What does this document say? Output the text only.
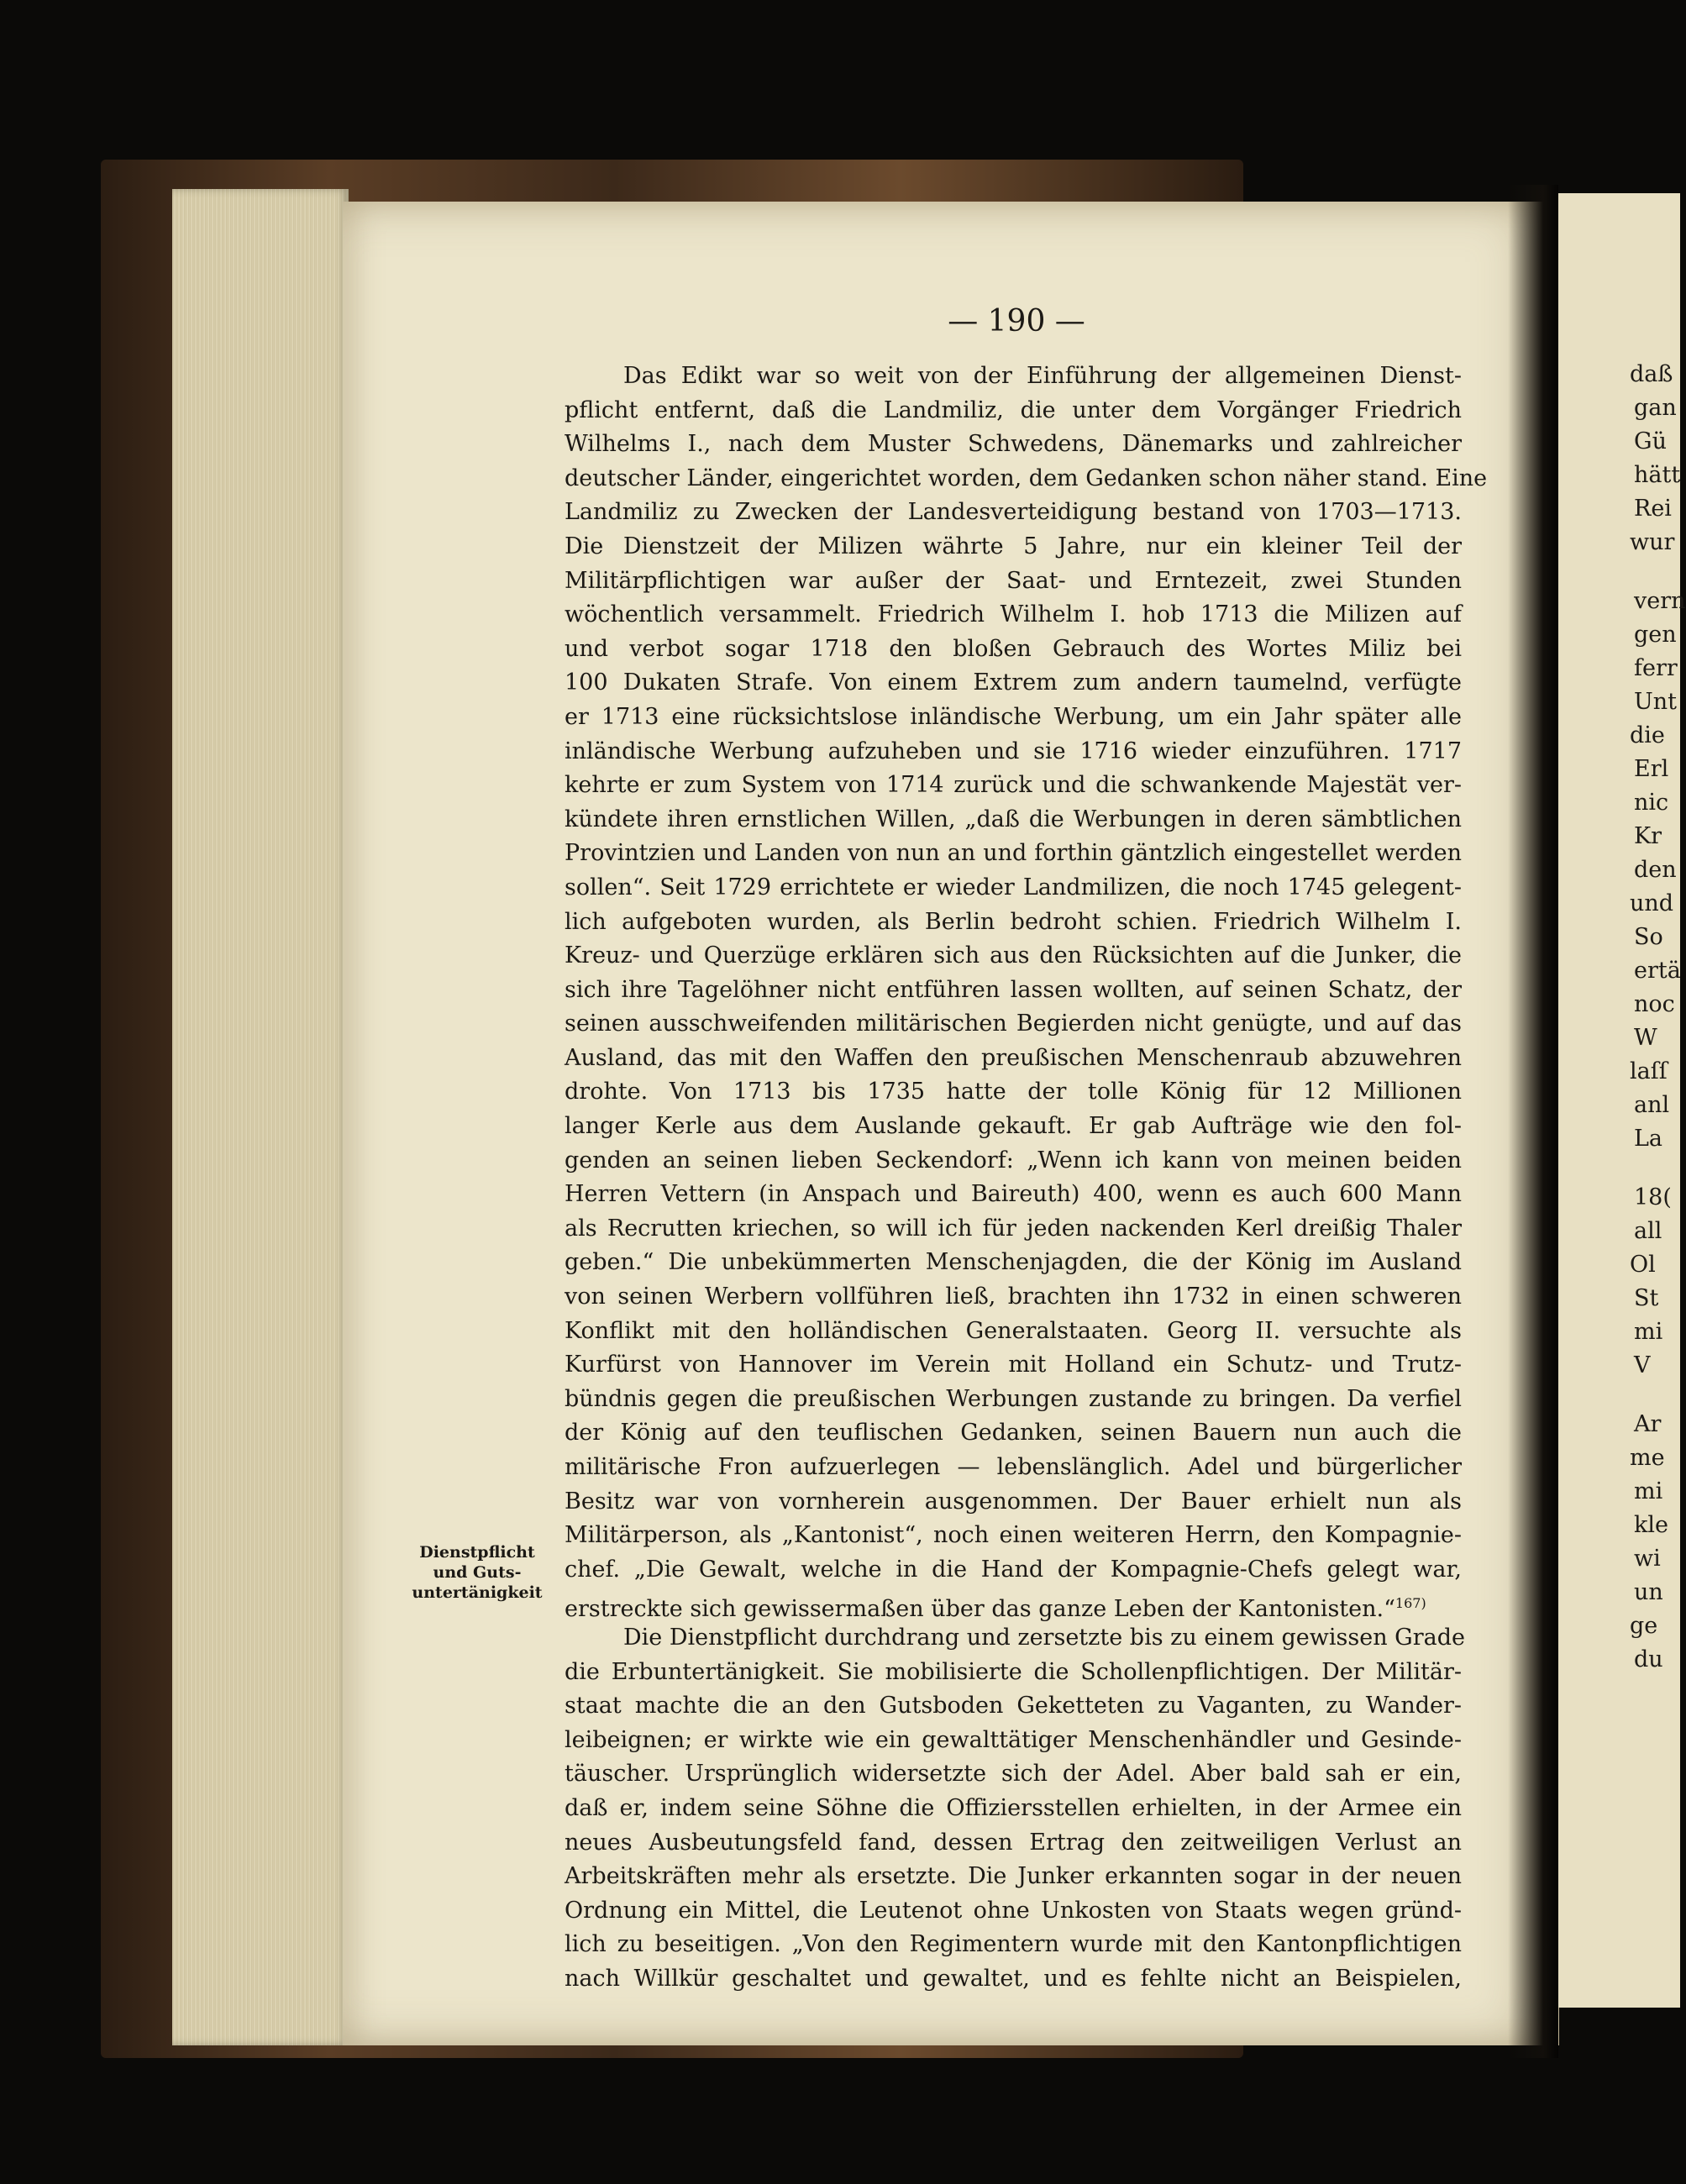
daß
gan
Gü
hätt
Rei
wur
vern
gen
ferr
Unt
die
Erl
nic
Kr
den
und
So
ertä
noc
W
laſſ
anl
La
18(
all
Ol
St
mi
V
Ar
me
mi
kle
wi
un
ge
du
— 190 —
Dienstpflicht
und Guts-
untertänigkeit
Das Edikt war so weit von der Einführung der allgemeinen Dienst-
pflicht entfernt, daß die Landmiliz, die unter dem Vorgänger Friedrich
Wilhelms I., nach dem Muster Schwedens, Dänemarks und zahlreicher
deutscher Länder, eingerichtet worden, dem Gedanken schon näher stand. Eine
Landmiliz zu Zwecken der Landesverteidigung bestand von 1703—1713.
Die Dienstzeit der Milizen währte 5 Jahre, nur ein kleiner Teil der
Militärpflichtigen war außer der Saat- und Erntezeit, zwei Stunden
wöchentlich versammelt. Friedrich Wilhelm I. hob 1713 die Milizen auf
und verbot sogar 1718 den bloßen Gebrauch des Wortes Miliz bei
100 Dukaten Strafe. Von einem Extrem zum andern taumelnd, verfügte
er 1713 eine rücksichtslose inländische Werbung, um ein Jahr später alle
inländische Werbung aufzuheben und sie 1716 wieder einzuführen. 1717
kehrte er zum System von 1714 zurück und die schwankende Majestät ver-
kündete ihren ernstlichen Willen, „daß die Werbungen in deren sämbtlichen
Provintzien und Landen von nun an und forthin gäntzlich eingestellet werden
sollen“. Seit 1729 errichtete er wieder Landmilizen, die noch 1745 gelegent-
lich aufgeboten wurden, als Berlin bedroht schien. Friedrich Wilhelm I.
Kreuz- und Querzüge erklären sich aus den Rücksichten auf die Junker, die
sich ihre Tagelöhner nicht entführen lassen wollten, auf seinen Schatz, der
seinen ausschweifenden militärischen Begierden nicht genügte, und auf das
Ausland, das mit den Waffen den preußischen Menschenraub abzuwehren
drohte. Von 1713 bis 1735 hatte der tolle König für 12 Millionen
langer Kerle aus dem Auslande gekauft. Er gab Aufträge wie den fol-
genden an seinen lieben Seckendorf: „Wenn ich kann von meinen beiden
Herren Vettern (in Anspach und Baireuth) 400, wenn es auch 600 Mann
als Recrutten kriechen, so will ich für jeden nackenden Kerl dreißig Thaler
geben.“ Die unbekümmerten Menschenjagden, die der König im Ausland
von seinen Werbern vollführen ließ, brachten ihn 1732 in einen schweren
Konflikt mit den holländischen Generalstaaten. Georg II. versuchte als
Kurfürst von Hannover im Verein mit Holland ein Schutz- und Trutz-
bündnis gegen die preußischen Werbungen zustande zu bringen. Da verfiel
der König auf den teuflischen Gedanken, seinen Bauern nun auch die
militärische Fron aufzuerlegen — lebenslänglich. Adel und bürgerlicher
Besitz war von vornherein ausgenommen. Der Bauer erhielt nun als
Militärperson, als „Kantonist“, noch einen weiteren Herrn, den Kompagnie-
chef. „Die Gewalt, welche in die Hand der Kompagnie-Chefs gelegt war,
erstreckte sich gewissermaßen über das ganze Leben der Kantonisten.“$^{167)}$
Die Dienstpflicht durchdrang und zersetzte bis zu einem gewissen Grade
die Erbuntertänigkeit. Sie mobilisierte die Schollenpflichtigen. Der Militär-
staat machte die an den Gutsboden Geketteten zu Vaganten, zu Wander-
leibeignen; er wirkte wie ein gewalttätiger Menschenhändler und Gesinde-
täuscher. Ursprünglich widersetzte sich der Adel. Aber bald sah er ein,
daß er, indem seine Söhne die Offiziersstellen erhielten, in der Armee ein
neues Ausbeutungsfeld fand, dessen Ertrag den zeitweiligen Verlust an
Arbeitskräften mehr als ersetzte. Die Junker erkannten sogar in der neuen
Ordnung ein Mittel, die Leutenot ohne Unkosten von Staats wegen gründ-
lich zu beseitigen. „Von den Regimentern wurde mit den Kantonpflichtigen
nach Willkür geschaltet und gewaltet, und es fehlte nicht an Beispielen,
